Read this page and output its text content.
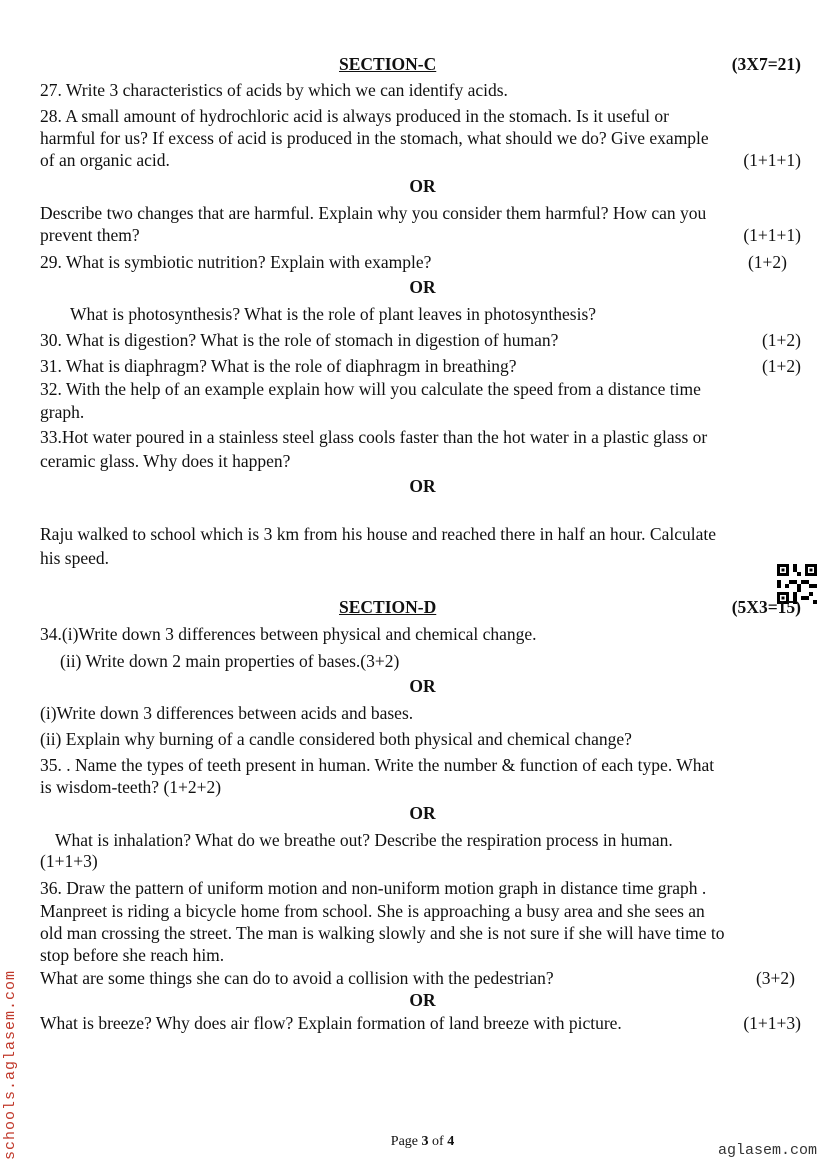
SECTION-C	(3X7=21)
27. Write 3 characteristics of acids by which we can identify acids.
28. A small amount of hydrochloric acid is always produced in the stomach. Is it useful or
harmful for us? If excess of acid is produced in the stomach, what should we do? Give example
of an organic acid.	(1+1+1)
OR
Describe two changes that are harmful. Explain why you consider them harmful? How can you
prevent them?	(1+1+1)
29. What is symbiotic nutrition? Explain with example?	(1+2)
OR
What is photosynthesis? What is the role of plant leaves in photosynthesis?
30. What is digestion? What is the role of stomach in digestion of human?	(1+2)
31. What is diaphragm? What is the role of diaphragm in breathing?	(1+2)
32. With the help of an example explain how will you calculate the speed from a distance time
graph.
33.Hot water poured in a stainless steel glass cools faster than the hot water in a plastic glass or
ceramic glass. Why does it happen?
OR
Raju walked to school which is 3 km from his house and reached there in half an hour. Calculate
his speed.
SECTION-D	(5X3=15)
34.(i)Write down 3 differences between physical and chemical change.
(ii) Write down 2 main properties of bases.(3+2)
OR
(i)Write down 3 differences between acids and bases.
(ii) Explain why burning of a candle considered both physical and chemical change?
35. . Name the types of teeth present in human. Write the number & function of each type. What
is wisdom-teeth? (1+2+2)
OR
What is inhalation? What do we breathe out? Describe the respiration process in human.
(1+1+3)
36. Draw the pattern of uniform motion and non-uniform motion graph in distance time graph .
Manpreet is riding a bicycle home from school. She is approaching a busy area and she sees an
old man crossing the street. The man is walking slowly and she is not sure if she will have time to
stop before she reach him.
What are some things she can do to avoid a collision with the pedestrian?	(3+2)
OR
What is breeze? Why does air flow? Explain formation of land breeze with picture.	(1+1+3)
Page 3 of 4
schools.aglasem.com	aglasem.com
